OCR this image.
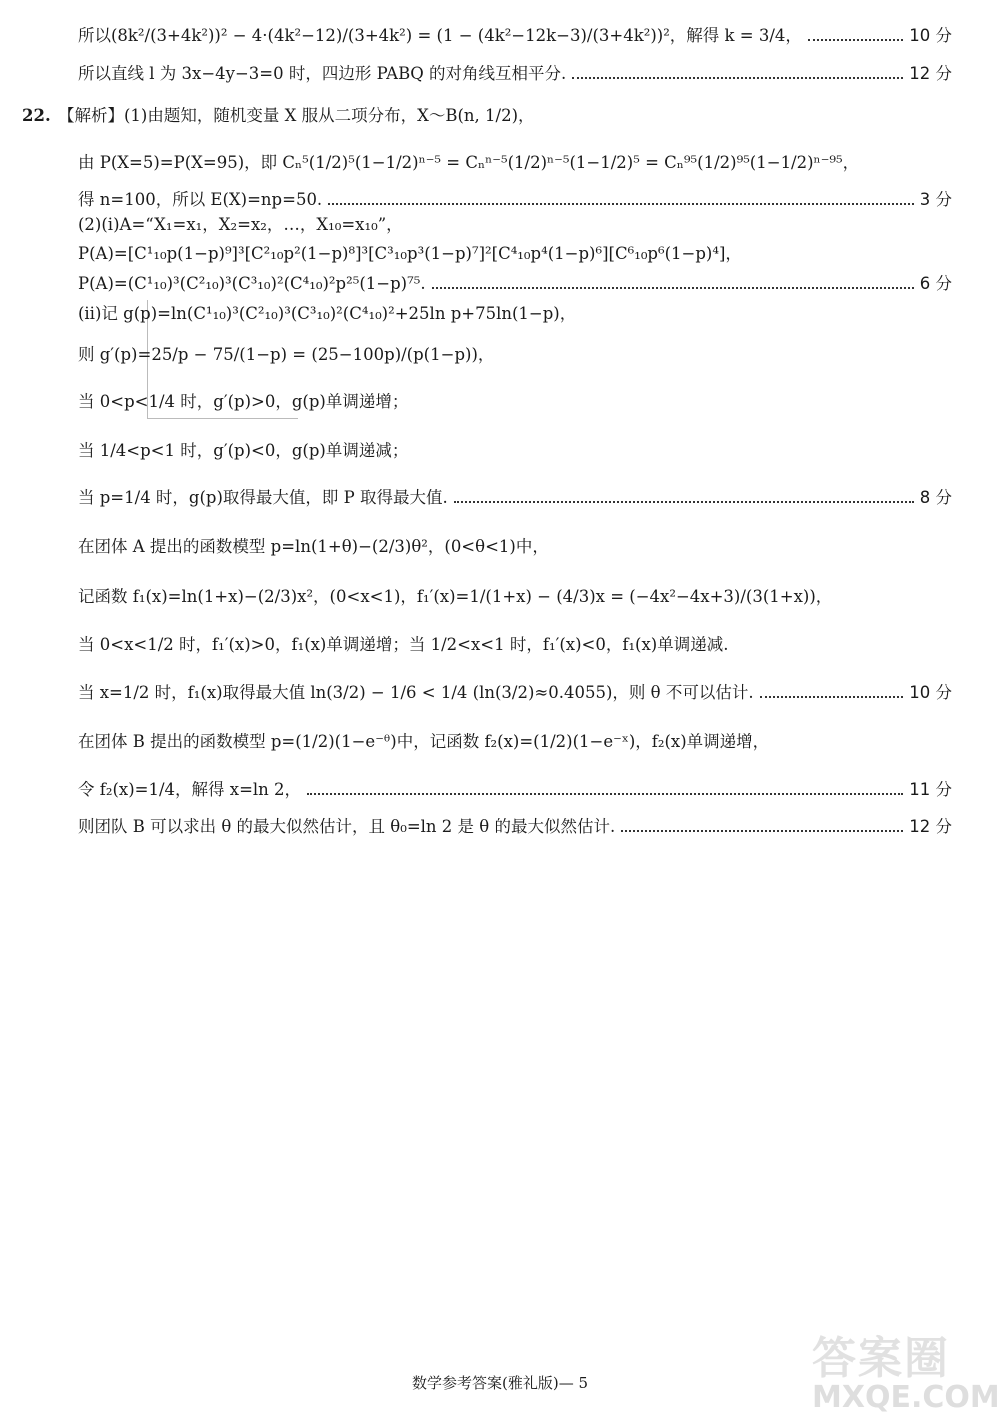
所以(8k²/(3+4k²))² − 4·(4k²−12)/(3+4k²) = (1 − (4k²−12k−3)/(3+4k²))²，解得 k = 3/4，	10 分
所以直线 l 为 3x−4y−3=0 时，四边形 PABQ 的对角线互相平分.	12 分
22. 【解析】(1)由题知，随机变量 X 服从二项分布，X～B(n, 1/2)，
由 P(X=5)=P(X=95)，即 Cₙ⁵(1/2)⁵(1−1/2)ⁿ⁻⁵ = Cₙⁿ⁻⁵(1/2)ⁿ⁻⁵(1−1/2)⁵ = Cₙ⁹⁵(1/2)⁹⁵(1−1/2)ⁿ⁻⁹⁵，
得 n=100，所以 E(X)=np=50.	3 分
(2)(ⅰ)A=“X₁=x₁，X₂=x₂，…，X₁₀=x₁₀”，
P(A)=[C¹₁₀p(1−p)⁹]³[C²₁₀p²(1−p)⁸]³[C³₁₀p³(1−p)⁷]²[C⁴₁₀p⁴(1−p)⁶][C⁶₁₀p⁶(1−p)⁴]，
P(A)=(C¹₁₀)³(C²₁₀)³(C³₁₀)²(C⁴₁₀)²p²⁵(1−p)⁷⁵.	6 分
(ⅱ)记 g(p)=ln(C¹₁₀)³(C²₁₀)³(C³₁₀)²(C⁴₁₀)²+25ln p+75ln(1−p)，
则 g′(p)=25/p − 75/(1−p) = (25−100p)/(p(1−p))，
当 0<p<1/4 时，g′(p)>0，g(p)单调递增；
当 1/4<p<1 时，g′(p)<0，g(p)单调递减；
当 p=1/4 时，g(p)取得最大值，即 P 取得最大值.	8 分
在团体 A 提出的函数模型 p=ln(1+θ)−(2/3)θ²，(0<θ<1)中，
记函数 f₁(x)=ln(1+x)−(2/3)x²，(0<x<1)，f₁′(x)=1/(1+x) − (4/3)x = (−4x²−4x+3)/(3(1+x))，
当 0<x<1/2 时，f₁′(x)>0，f₁(x)单调递增；当 1/2<x<1 时，f₁′(x)<0，f₁(x)单调递减.
当 x=1/2 时，f₁(x)取得最大值 ln(3/2) − 1/6 < 1/4 (ln(3/2)≈0.4055)，则 θ 不可以估计.	10 分
在团体 B 提出的函数模型 p=(1/2)(1−e⁻ᶿ)中，记函数 f₂(x)=(1/2)(1−e⁻ˣ)，f₂(x)单调递增，
令 f₂(x)=1/4，解得 x=ln 2，	11 分
则团队 B 可以求出 θ 的最大似然估计，且 θ₀=ln 2 是 θ 的最大似然估计.	12 分
数学参考答案(雅礼版)— 5	答案圈
MXQE.COM
